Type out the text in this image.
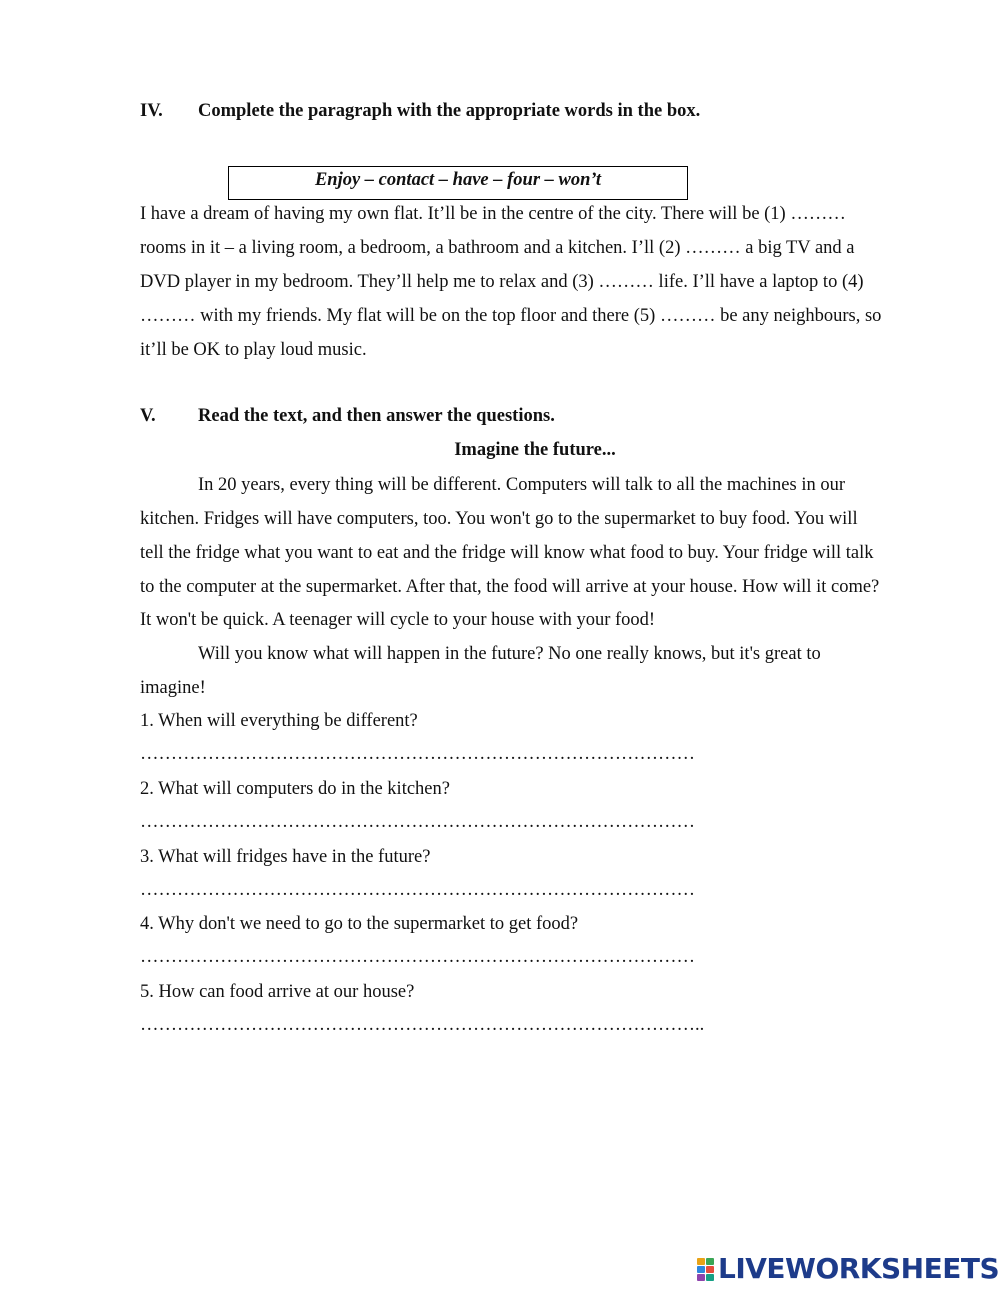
IV. Complete the paragraph with the appropriate words in the box.
Enjoy – contact – have – four – won’t
I have a dream of having my own flat. It’ll be in the centre of the city. There will be (1) ………
rooms in it – a living room, a bedroom, a bathroom and a kitchen. I’ll (2) ……… a big TV and a
DVD player in my bedroom. They’ll help me to relax and (3) ……… life. I’ll have a laptop to (4)
……… with my friends. My flat will be on the top floor and there (5) ……… be any neighbours, so
it’ll be OK to play loud music.
V. Read the text, and then answer the questions.
Imagine the future...
In 20 years, every thing will be different. Computers will talk to all the machines in our
kitchen. Fridges will have computers, too. You won't go to the supermarket to buy food. You will
tell the fridge what you want to eat and the fridge will know what food to buy. Your fridge will talk
to the computer at the supermarket. After that, the food will arrive at your house. How will it come?
It won't be quick. A teenager will cycle to your house with your food!
Will you know what will happen in the future? No one really knows, but it's great to
imagine!
1. When will everything be different?
………………………………………………………………………………
2. What will computers do in the kitchen?
………………………………………………………………………………
3. What will fridges have in the future?
………………………………………………………………………………
4. Why don't we need to go to the supermarket to get food?
………………………………………………………………………………
5. How can food arrive at our house?
………………………………………………………………………………..
LIVEWORKSHEETS
